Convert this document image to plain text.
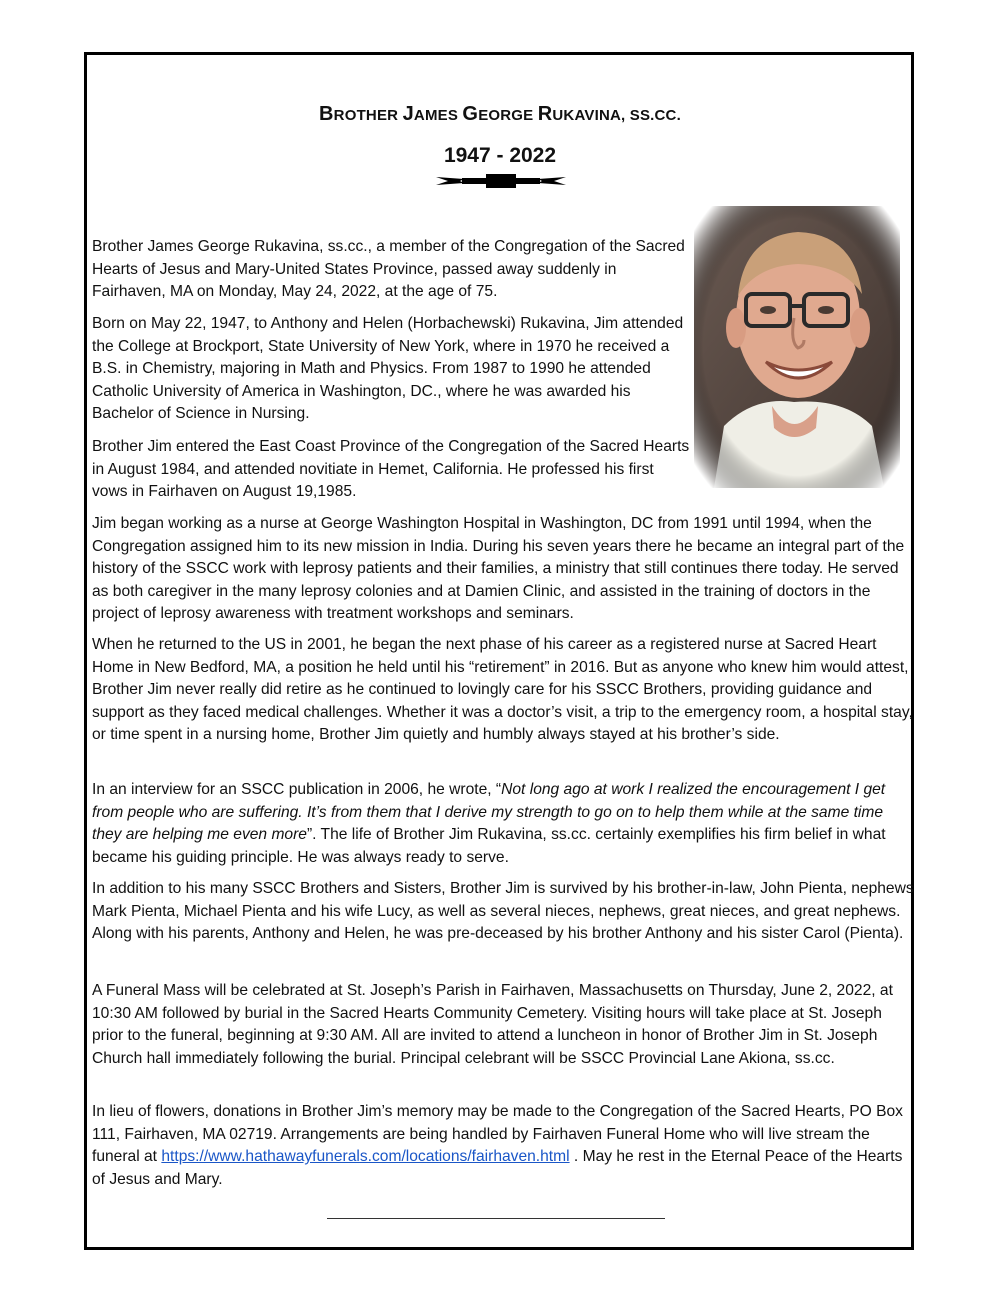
BROTHER JAMES GEORGE RUKAVINA, SS.CC.
1947 - 2022

Brother James George Rukavina, ss.cc., a member of the Congregation of the Sacred Hearts of Jesus and Mary-United States Province, passed away suddenly in Fairhaven, MA on Monday, May 24, 2022, at the age of 75.

Born on May 22, 1947, to Anthony and Helen (Horbachewski) Rukavina, Jim attended the College at Brockport, State University of New York, where in 1970 he received a B.S. in Chemistry, majoring in Math and Physics. From 1987 to 1990 he attended Catholic University of America in Washington, DC., where he was awarded his Bachelor of Science in Nursing.

Brother Jim entered the East Coast Province of the Congregation of the Sacred Hearts in August 1984, and attended novitiate in Hemet, California. He professed his first vows in Fairhaven on August 19,1985.

Jim began working as a nurse at George Washington Hospital in Washington, DC from 1991 until 1994, when the Congregation assigned him to its new mission in India. During his seven years there he became an integral part of the history of the SSCC work with leprosy patients and their families, a ministry that still continues there today. He served as both caregiver in the many leprosy colonies and at Damien Clinic, and assisted in the training of doctors in the project of leprosy awareness with treatment workshops and seminars.

When he returned to the US in 2001, he began the next phase of his career as a registered nurse at Sacred Heart Home in New Bedford, MA, a position he held until his “retirement” in 2016. But as anyone who knew him would attest, Brother Jim never really did retire as he continued to lovingly care for his SSCC Brothers, providing guidance and support as they faced medical challenges. Whether it was a doctor’s visit, a trip to the emergency room, a hospital stay, or time spent in a nursing home, Brother Jim quietly and humbly always stayed at his brother’s side.

In an interview for an SSCC publication in 2006, he wrote, “Not long ago at work I realized the encouragement I get from people who are suffering. It’s from them that I derive my strength to go on to help them while at the same time they are helping me even more”. The life of Brother Jim Rukavina, ss.cc. certainly exemplifies his firm belief in what became his guiding principle. He was always ready to serve.

In addition to his many SSCC Brothers and Sisters, Brother Jim is survived by his brother-in-law, John Pienta, nephews Mark Pienta, Michael Pienta and his wife Lucy, as well as several nieces, nephews, great nieces, and great nephews. Along with his parents, Anthony and Helen, he was pre-deceased by his brother Anthony and his sister Carol (Pienta).

A Funeral Mass will be celebrated at St. Joseph’s Parish in Fairhaven, Massachusetts on Thursday, June 2, 2022, at 10:30 AM followed by burial in the Sacred Hearts Community Cemetery. Visiting hours will take place at St. Joseph prior to the funeral, beginning at 9:30 AM. All are invited to attend a luncheon in honor of Brother Jim in St. Joseph Church hall immediately following the burial. Principal celebrant will be SSCC Provincial Lane Akiona, ss.cc.

In lieu of flowers, donations in Brother Jim’s memory may be made to the Congregation of the Sacred Hearts, PO Box 111, Fairhaven, MA 02719. Arrangements are being handled by Fairhaven Funeral Home who will live stream the funeral at https://www.hathawayfunerals.com/locations/fairhaven.html . May he rest in the Eternal Peace of the Hearts of Jesus and Mary.
